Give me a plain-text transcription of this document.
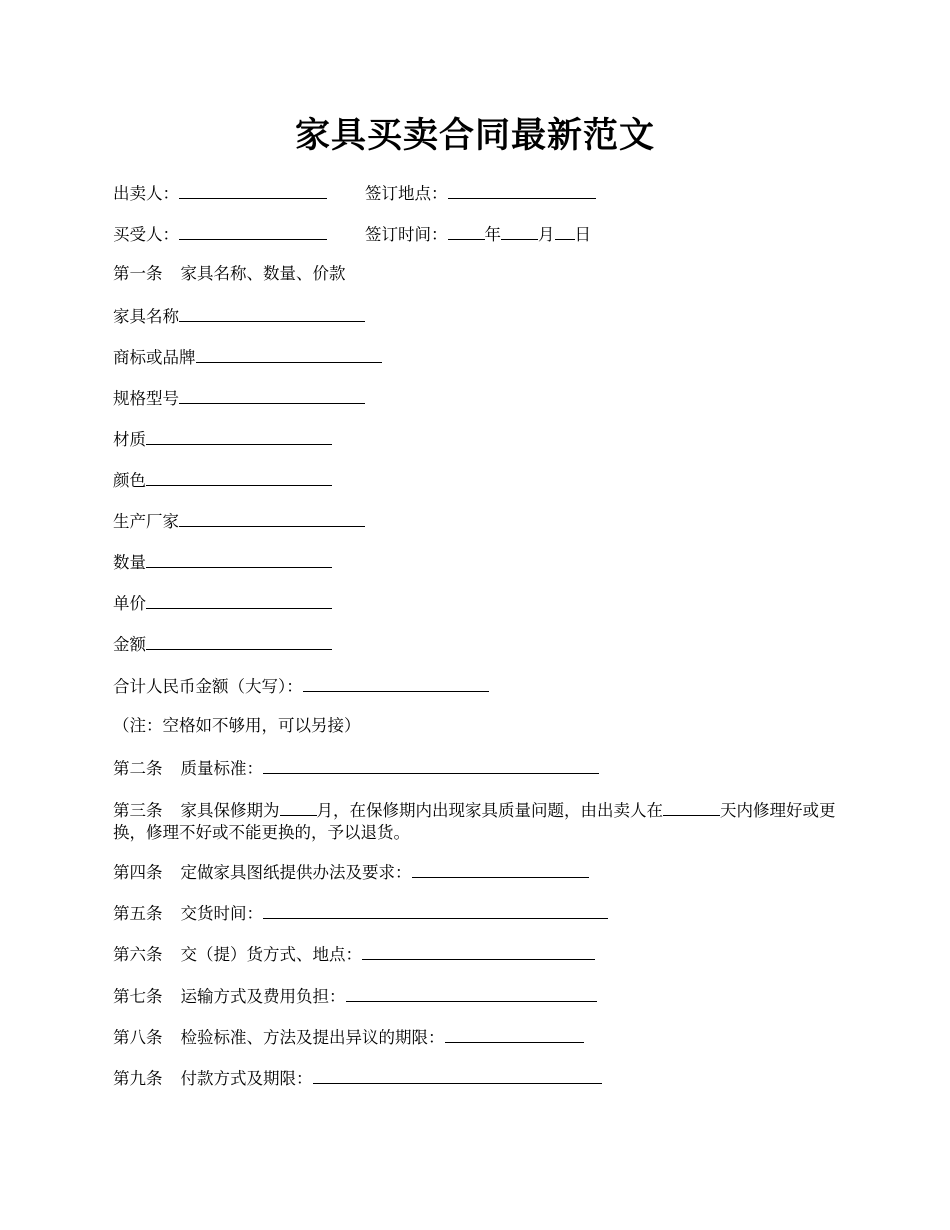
家具买卖合同最新范文
出卖人：	签订地点：
买受人：	签订时间： 年 月 日
第一条 家具名称、数量、价款
家具名称
商标或品牌
规格型号
材质
颜色
生产厂家
数量
单价
金额
合计人民币金额（大写）：
（注：空格如不够用，可以另接）
第二条 质量标准：
第三条 家具保修期为 月，在保修期内出现家具质量问题，由出卖人在	天内修理好或更换，修理不好或不能更换的，予以退货。
第四条 定做家具图纸提供办法及要求：
第五条 交货时间：
第六条 交（提）货方式、地点：
第七条 运输方式及费用负担：
第八条 检验标准、方法及提出异议的期限：
第九条 付款方式及期限：
